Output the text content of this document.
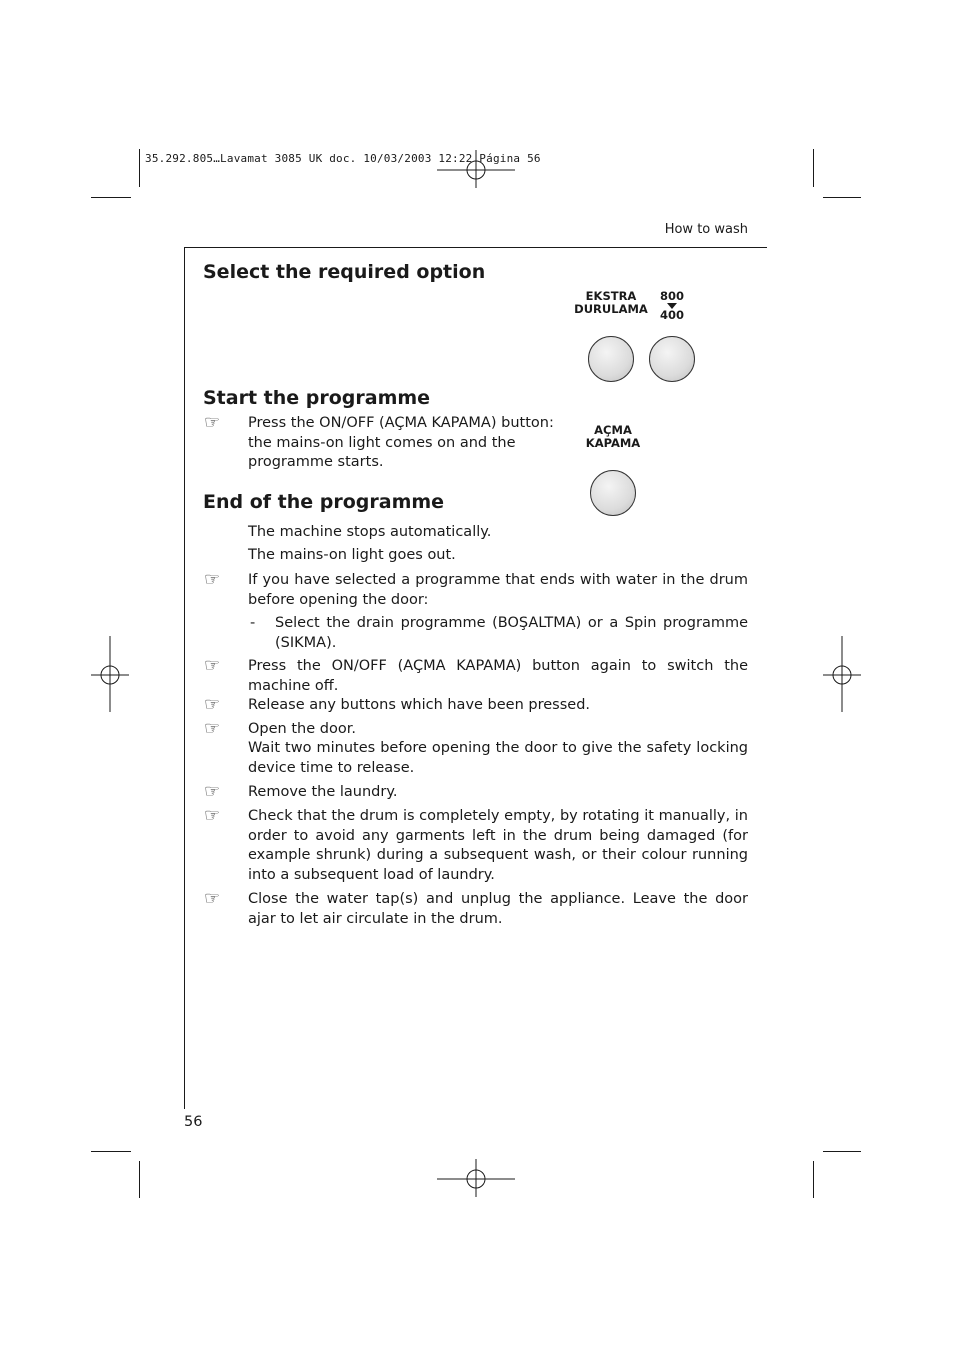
35.292.805…Lavamat 3085 UK doc. 10/03/2003 12:22 Página 56
How to wash
Select the required option
EKSTRA
DURULAMA
800
400
Start the programme
☞ Press the ON/OFF (AÇMA KAPAMA) button: the mains-on light comes on and the programme starts.
AÇMA
KAPAMA
End of the programme
The machine stops automatically.
The mains-on light goes out.
☞ If you have selected a programme that ends with water in the drum before opening the door:
- Select the drain programme (BOŞALTMA) or a Spin programme (SIKMA).
☞ Press the ON/OFF (AÇMA KAPAMA) button again to switch the machine off.
☞ Release any buttons which have been pressed.
☞ Open the door.
Wait two minutes before opening the door to give the safety locking device time to release.
☞ Remove the laundry.
☞ Check that the drum is completely empty, by rotating it manually, in order to avoid any garments left in the drum being damaged (for example shrunk) during a subsequent wash, or their colour running into a subsequent load of laundry.
☞ Close the water tap(s) and unplug the appliance. Leave the door ajar to let air circulate in the drum.
56
